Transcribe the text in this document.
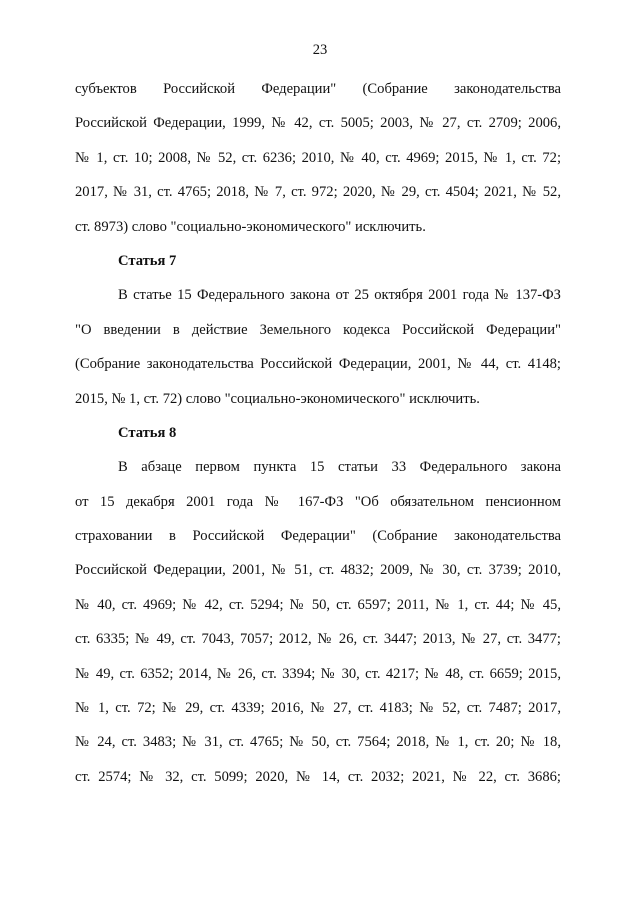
23
субъектов Российской Федерации" (Собрание законодательства
Российской Федерации, 1999, № 42, ст. 5005; 2003, № 27, ст. 2709; 2006,
№ 1, ст. 10; 2008, № 52, ст. 6236; 2010, № 40, ст. 4969; 2015, № 1, ст. 72;
2017, № 31, ст. 4765; 2018, № 7, ст. 972; 2020, № 29, ст. 4504; 2021, № 52,
ст. 8973) слово "социально-экономического" исключить.
Статья 7
В статье 15 Федерального закона от 25 октября 2001 года № 137-ФЗ
"О введении в действие Земельного кодекса Российской Федерации"
(Собрание законодательства Российской Федерации, 2001, № 44, ст. 4148;
2015, № 1, ст. 72) слово "социально-экономического" исключить.
Статья 8
В абзаце первом пункта 15 статьи 33 Федерального закона
от 15 декабря 2001 года № 167-ФЗ "Об обязательном пенсионном
страховании в Российской Федерации" (Собрание законодательства
Российской Федерации, 2001, № 51, ст. 4832; 2009, № 30, ст. 3739; 2010,
№ 40, ст. 4969; № 42, ст. 5294; № 50, ст. 6597; 2011, № 1, ст. 44; № 45,
ст. 6335; № 49, ст. 7043, 7057; 2012, № 26, ст. 3447; 2013, № 27, ст. 3477;
№ 49, ст. 6352; 2014, № 26, ст. 3394; № 30, ст. 4217; № 48, ст. 6659; 2015,
№ 1, ст. 72; № 29, ст. 4339; 2016, № 27, ст. 4183; № 52, ст. 7487; 2017,
№ 24, ст. 3483; № 31, ст. 4765; № 50, ст. 7564; 2018, № 1, ст. 20; № 18,
ст. 2574; № 32, ст. 5099; 2020, № 14, ст. 2032; 2021, № 22, ст. 3686;
